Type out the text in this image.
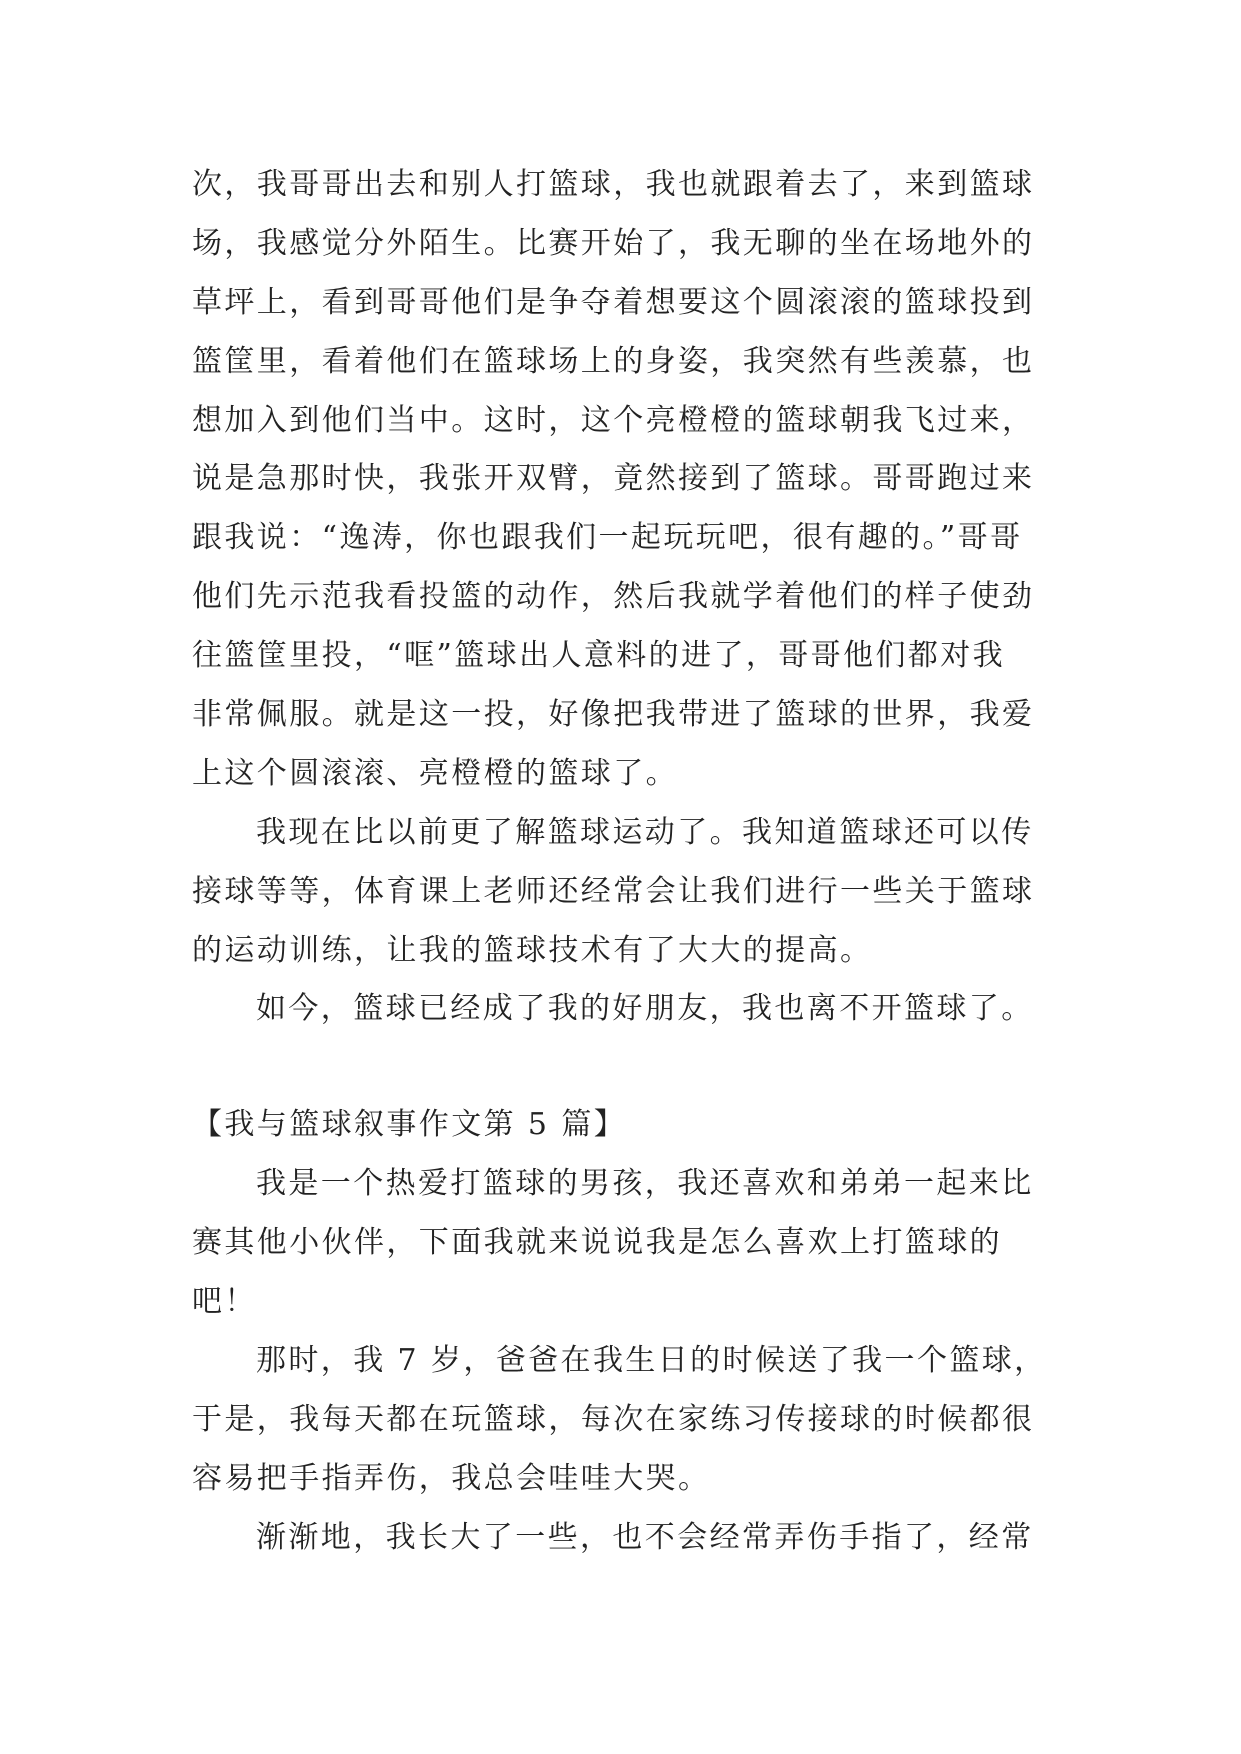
次，我哥哥出去和别人打篮球，我也就跟着去了，来到篮球
场，我感觉分外陌生。比赛开始了，我无聊的坐在场地外的
草坪上，看到哥哥他们是争夺着想要这个圆滚滚的篮球投到
篮筐里，看着他们在篮球场上的身姿，我突然有些羡慕，也
想加入到他们当中。这时，这个亮橙橙的篮球朝我飞过来，
说是急那时快，我张开双臂，竟然接到了篮球。哥哥跑过来
跟我说：“逸涛，你也跟我们一起玩玩吧，很有趣的。”哥哥
他们先示范我看投篮的动作，然后我就学着他们的样子使劲
往篮筐里投，“哐”篮球出人意料的进了，哥哥他们都对我
非常佩服。就是这一投，好像把我带进了篮球的世界，我爱
上这个圆滚滚、亮橙橙的篮球了。
我现在比以前更了解篮球运动了。我知道篮球还可以传
接球等等，体育课上老师还经常会让我们进行一些关于篮球
的运动训练，让我的篮球技术有了大大的提高。
如今，篮球已经成了我的好朋友，我也离不开篮球了。
【我与篮球叙事作文第 5 篇】
我是一个热爱打篮球的男孩，我还喜欢和弟弟一起来比
赛其他小伙伴，下面我就来说说我是怎么喜欢上打篮球的
吧！
那时，我 7 岁，爸爸在我生日的时候送了我一个篮球，
于是，我每天都在玩篮球，每次在家练习传接球的时候都很
容易把手指弄伤，我总会哇哇大哭。
渐渐地，我长大了一些，也不会经常弄伤手指了，经常
